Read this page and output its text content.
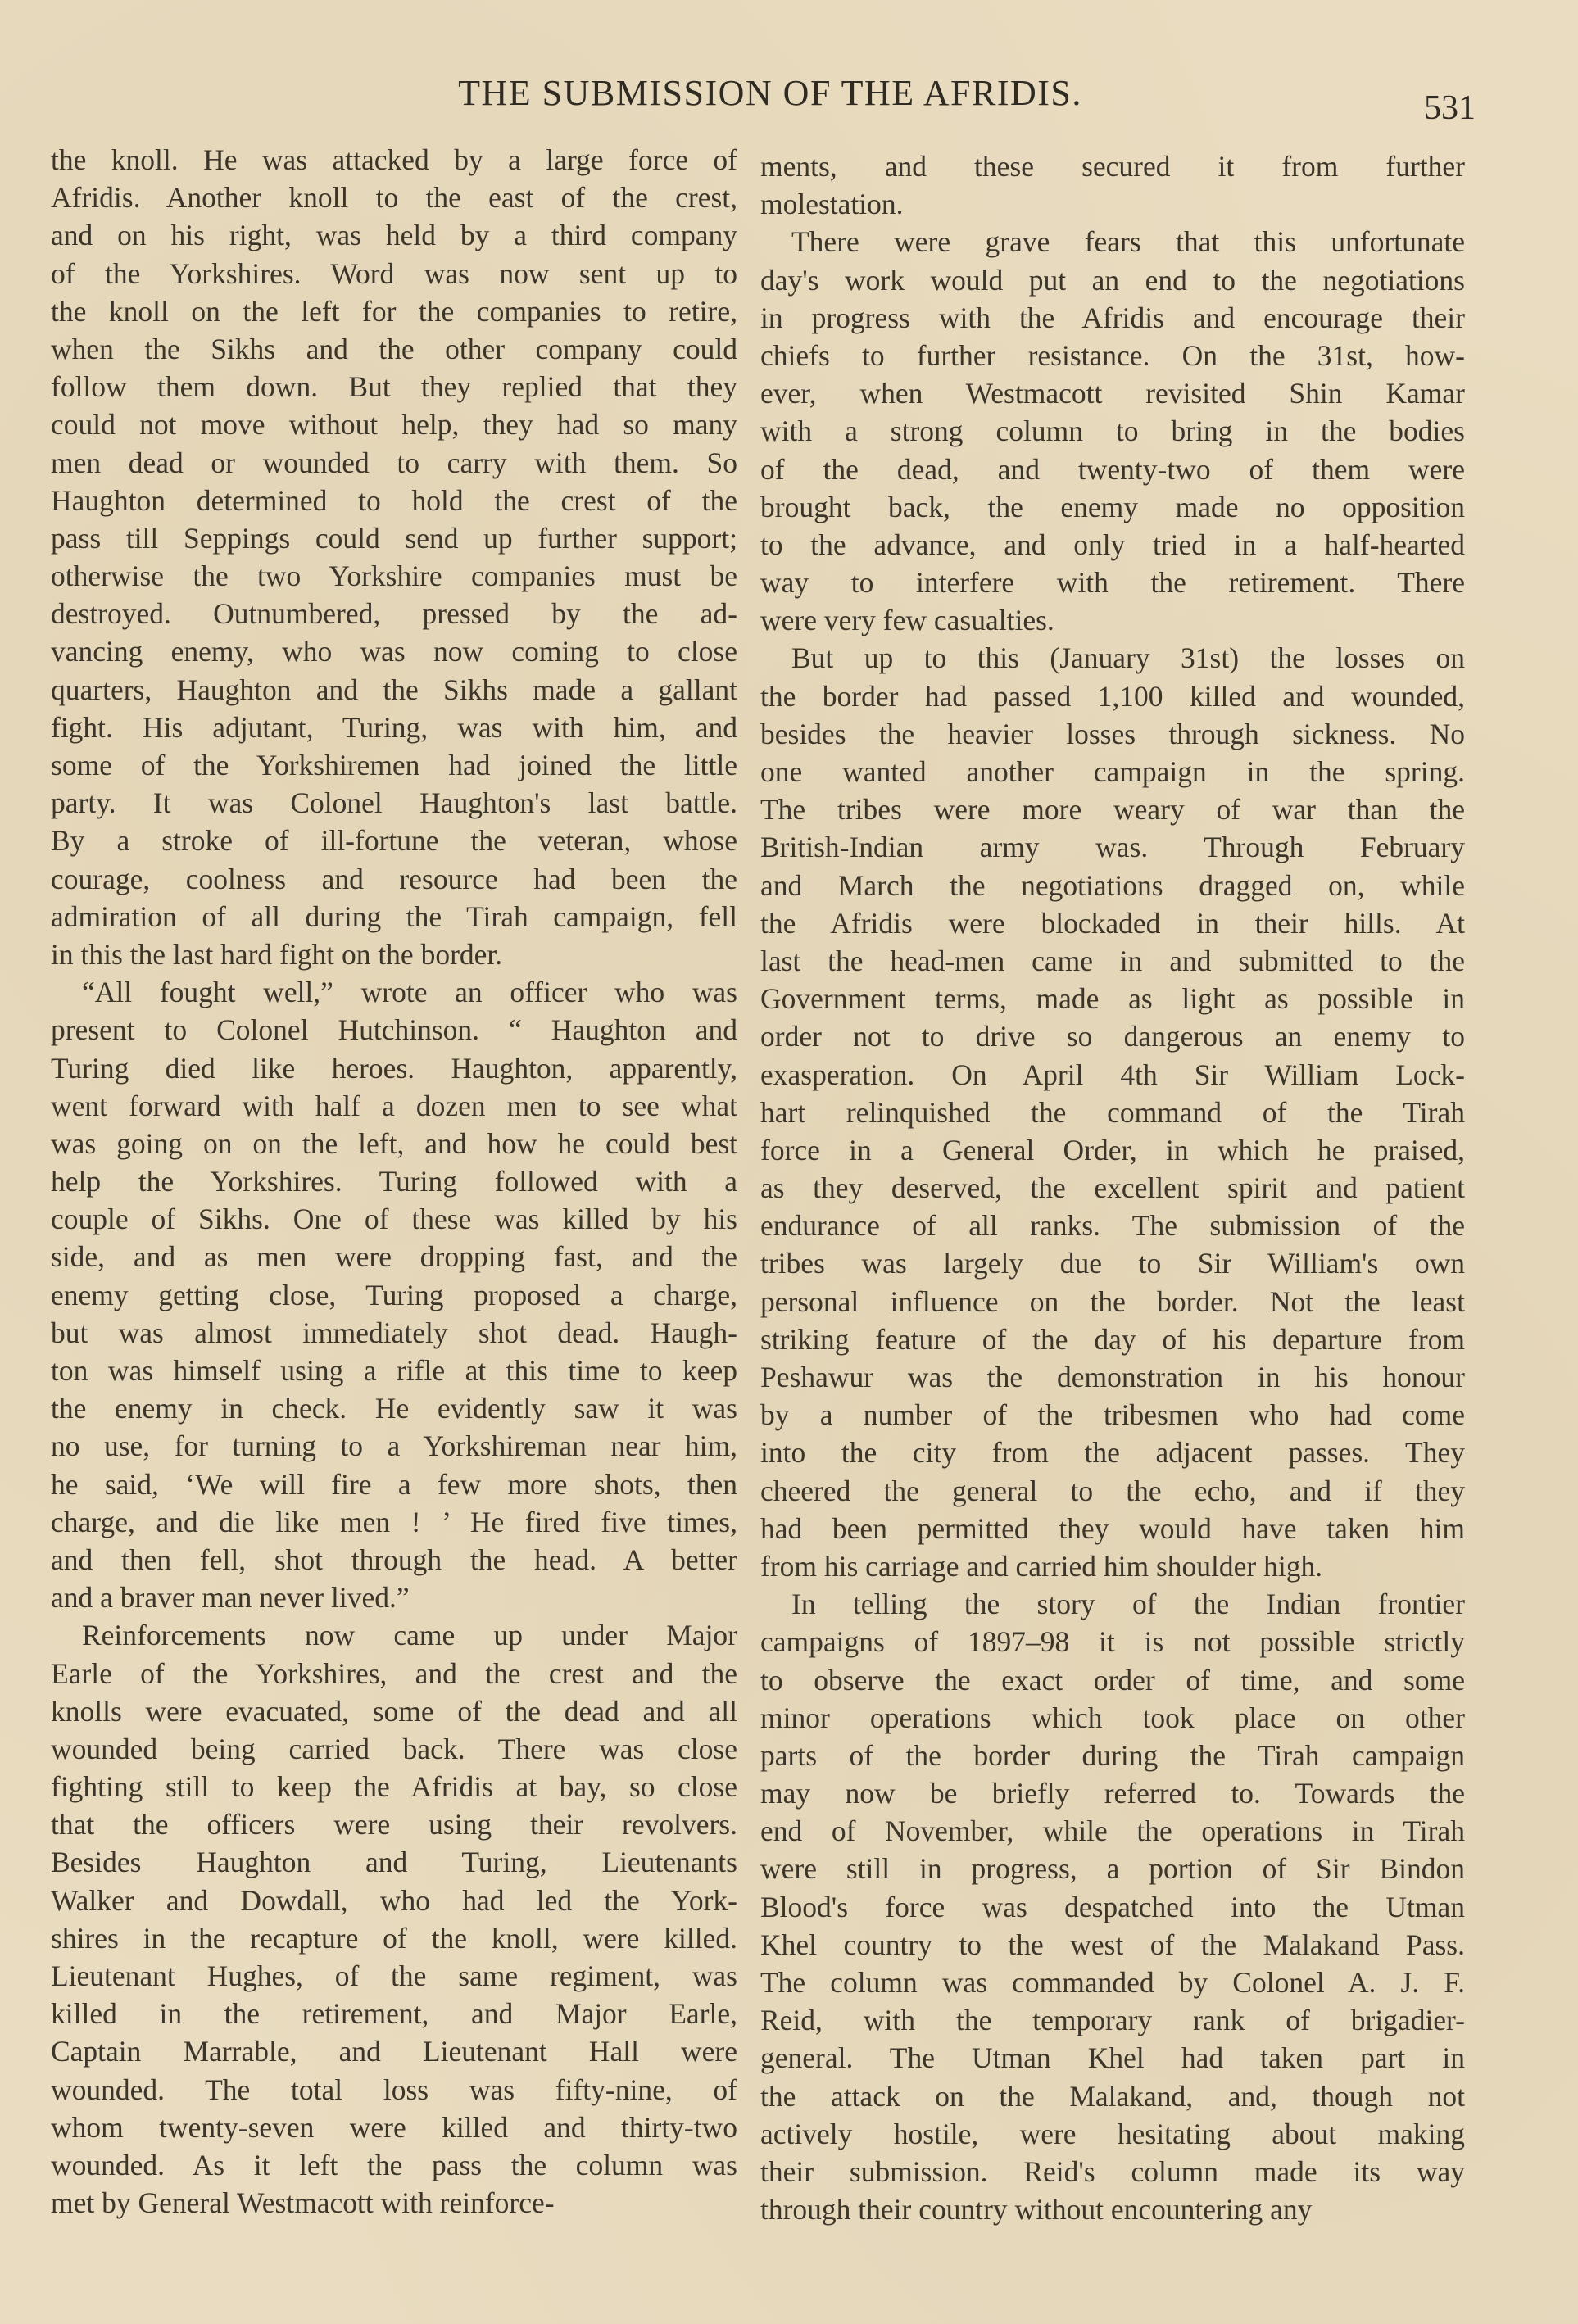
THE SUBMISSION OF THE AFRIDIS.	531
the knoll. He was attacked by a large force of
Afridis. Another knoll to the east of the crest,
and on his right, was held by a third company
of the Yorkshires. Word was now sent up to
the knoll on the left for the companies to retire,
when the Sikhs and the other company could
follow them down. But they replied that they
could not move without help, they had so many
men dead or wounded to carry with them. So
Haughton determined to hold the crest of the
pass till Seppings could send up further support;
otherwise the two Yorkshire companies must be
destroyed. Outnumbered, pressed by the ad-
vancing enemy, who was now coming to close
quarters, Haughton and the Sikhs made a gallant
fight. His adjutant, Turing, was with him, and
some of the Yorkshiremen had joined the little
party. It was Colonel Haughton's last battle.
By a stroke of ill-fortune the veteran, whose
courage, coolness and resource had been the
admiration of all during the Tirah campaign, fell
in this the last hard fight on the border.
“All fought well,” wrote an officer who was
present to Colonel Hutchinson. “ Haughton and
Turing died like heroes. Haughton, apparently,
went forward with half a dozen men to see what
was going on on the left, and how he could best
help the Yorkshires. Turing followed with a
couple of Sikhs. One of these was killed by his
side, and as men were dropping fast, and the
enemy getting close, Turing proposed a charge,
but was almost immediately shot dead. Haugh-
ton was himself using a rifle at this time to keep
the enemy in check. He evidently saw it was
no use, for turning to a Yorkshireman near him,
he said, ‘We will fire a few more shots, then
charge, and die like men ! ’ He fired five times,
and then fell, shot through the head. A better
and a braver man never lived.”
Reinforcements now came up under Major
Earle of the Yorkshires, and the crest and the
knolls were evacuated, some of the dead and all
wounded being carried back. There was close
fighting still to keep the Afridis at bay, so close
that the officers were using their revolvers.
Besides Haughton and Turing, Lieutenants
Walker and Dowdall, who had led the York-
shires in the recapture of the knoll, were killed.
Lieutenant Hughes, of the same regiment, was
killed in the retirement, and Major Earle,
Captain Marrable, and Lieutenant Hall were
wounded. The total loss was fifty-nine, of
whom twenty-seven were killed and thirty-two
wounded. As it left the pass the column was
met by General Westmacott with reinforce-
ments, and these secured it from further
molestation.
There were grave fears that this unfortunate
day's work would put an end to the negotiations
in progress with the Afridis and encourage their
chiefs to further resistance. On the 31st, how-
ever, when Westmacott revisited Shin Kamar
with a strong column to bring in the bodies
of the dead, and twenty-two of them were
brought back, the enemy made no opposition
to the advance, and only tried in a half-hearted
way to interfere with the retirement. There
were very few casualties.
But up to this (January 31st) the losses on
the border had passed 1,100 killed and wounded,
besides the heavier losses through sickness. No
one wanted another campaign in the spring.
The tribes were more weary of war than the
British-Indian army was. Through February
and March the negotiations dragged on, while
the Afridis were blockaded in their hills. At
last the head-men came in and submitted to the
Government terms, made as light as possible in
order not to drive so dangerous an enemy to
exasperation. On April 4th Sir William Lock-
hart relinquished the command of the Tirah
force in a General Order, in which he praised,
as they deserved, the excellent spirit and patient
endurance of all ranks. The submission of the
tribes was largely due to Sir William's own
personal influence on the border. Not the least
striking feature of the day of his departure from
Peshawur was the demonstration in his honour
by a number of the tribesmen who had come
into the city from the adjacent passes. They
cheered the general to the echo, and if they
had been permitted they would have taken him
from his carriage and carried him shoulder high.
In telling the story of the Indian frontier
campaigns of 1897–98 it is not possible strictly
to observe the exact order of time, and some
minor operations which took place on other
parts of the border during the Tirah campaign
may now be briefly referred to. Towards the
end of November, while the operations in Tirah
were still in progress, a portion of Sir Bindon
Blood's force was despatched into the Utman
Khel country to the west of the Malakand Pass.
The column was commanded by Colonel A. J. F.
Reid, with the temporary rank of brigadier-
general. The Utman Khel had taken part in
the attack on the Malakand, and, though not
actively hostile, were hesitating about making
their submission. Reid's column made its way
through their country without encountering any
